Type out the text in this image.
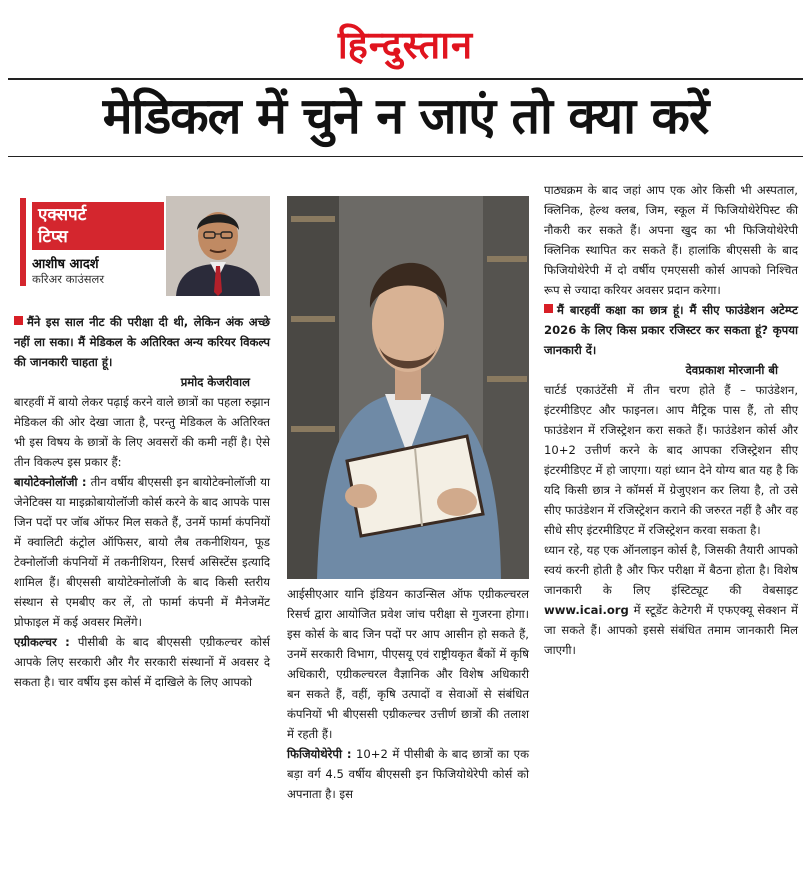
हिन्दुस्तान
मेडिकल में चुने न जाएं तो क्या करें
एक्सपर्ट
टिप्स
आशीष आदर्श
करिअर काउंसलर

मैंने इस साल नीट की परीक्षा दी थी, लेकिन अंक अच्छे नहीं ला सका। मैं मेडिकल के अतिरिक्त अन्य करियर विकल्प की जानकारी चाहता हूं।

प्रमोद केजरीवाल

बारहवीं में बायो लेकर पढ़ाई करने वाले छात्रों का पहला रुझान मेडिकल की ओर देखा जाता है, परन्तु मेडिकल के अतिरिक्त भी इस विषय के छात्रों के लिए अवसरों की कमी नहीं है। ऐसे तीन विकल्प इस प्रकार हैं:

बायोटेक्नोलॉजी : तीन वर्षीय बीएससी इन बायोटेक्नोलॉजी या जेनेटिक्स या माइक्रोबायोलॉजी कोर्स करने के बाद आपके पास जिन पदों पर जॉब ऑफर मिल सकते हैं, उनमें फार्मा कंपनियों में क्वालिटी कंट्रोल ऑफिसर, बायो लैब तकनीशियन, फूड टेक्नोलॉजी कंपनियों में तकनीशियन, रिसर्च असिस्टेंस इत्यादि शामिल हैं। बीएससी बायोटेक्नोलॉजी के बाद किसी स्तरीय संस्थान से एमबीए कर लें, तो फार्मा कंपनी में मैनेजमेंट प्रोफाइल में कई अवसर मिलेंगे।

एग्रीकल्चर : पीसीबी के बाद बीएससी एग्रीकल्चर कोर्स आपके लिए सरकारी और गैर सरकारी संस्थानों में अवसर दे सकता है। चार वर्षीय इस कोर्स में दाखिले के लिए आपको

आईसीएआर यानि इंडियन काउन्सिल ऑफ एग्रीकल्चरल रिसर्च द्वारा आयोजित प्रवेश जांच परीक्षा से गुजरना होगा। इस कोर्स के बाद जिन पदों पर आप आसीन हो सकते हैं, उनमें सरकारी विभाग, पीएसयू एवं राष्ट्रीयकृत बैंकों में कृषि अधिकारी, एग्रीकल्चरल वैज्ञानिक और विशेष अधिकारी बन सकते हैं, वहीं, कृषि उत्पादों व सेवाओं से संबंधित कंपनियों भी बीएससी एग्रीकल्चर उत्तीर्ण छात्रों की तलाश में रहती हैं।

फिजियोथेरेपी : 10+2 में पीसीबी के बाद छात्रों का एक बड़ा वर्ग 4.5 वर्षीय बीएससी इन फिजियोथेरेपी कोर्स को अपनाता है। इस

पाठ्यक्रम के बाद जहां आप एक ओर किसी भी अस्पताल, क्लिनिक, हेल्थ क्लब, जिम, स्कूल में फिजियोथेरेपिस्ट की नौकरी कर सकते हैं। अपना खुद का भी फिजियोथेरेपी क्लिनिक स्थापित कर सकते हैं। हालांकि बीएससी के बाद फिजियोथेरेपी में दो वर्षीय एमएससी कोर्स आपको निश्चित रूप से ज्यादा करियर अवसर प्रदान करेगा।

मैं बारहवीं कक्षा का छात्र हूं। मैं सीए फाउंडेशन अटेम्प्ट 2026 के लिए किस प्रकार रजिस्टर कर सकता हूं? कृपया जानकारी दें।

देवप्रकाश मोरजानी बी

चार्टर्ड एकाउंटेंसी में तीन चरण होते हैं – फाउंडेशन, इंटरमीडिएट और फाइनल। आप मैट्रिक पास हैं, तो सीए फाउंडेशन में रजिस्ट्रेशन करा सकते हैं। फाउंडेशन कोर्स और 10+2 उत्तीर्ण करने के बाद आपका रजिस्ट्रेशन सीए इंटरमीडिएट में हो जाएगा। यहां ध्यान देने योग्य बात यह है कि यदि किसी छात्र ने कॉमर्स में ग्रेजुएशन कर लिया है, तो उसे सीए फाउंडेशन में रजिस्ट्रेशन कराने की जरुरत नहीं है और वह सीधे सीए इंटरमीडिएट में रजिस्ट्रेशन करवा सकता है।

ध्यान रहे, यह एक ऑनलाइन कोर्स है, जिसकी तैयारी आपको स्वयं करनी होती है और फिर परीक्षा में बैठना होता है। विशेष जानकारी के लिए इंस्टिट्यूट की वेबसाइट www.icai.org में स्टूडेंट केटेगरी में एफएक्यू सेक्शन में जा सकते हैं। आपको इससे संबंधित तमाम जानकारी मिल जाएगी।
